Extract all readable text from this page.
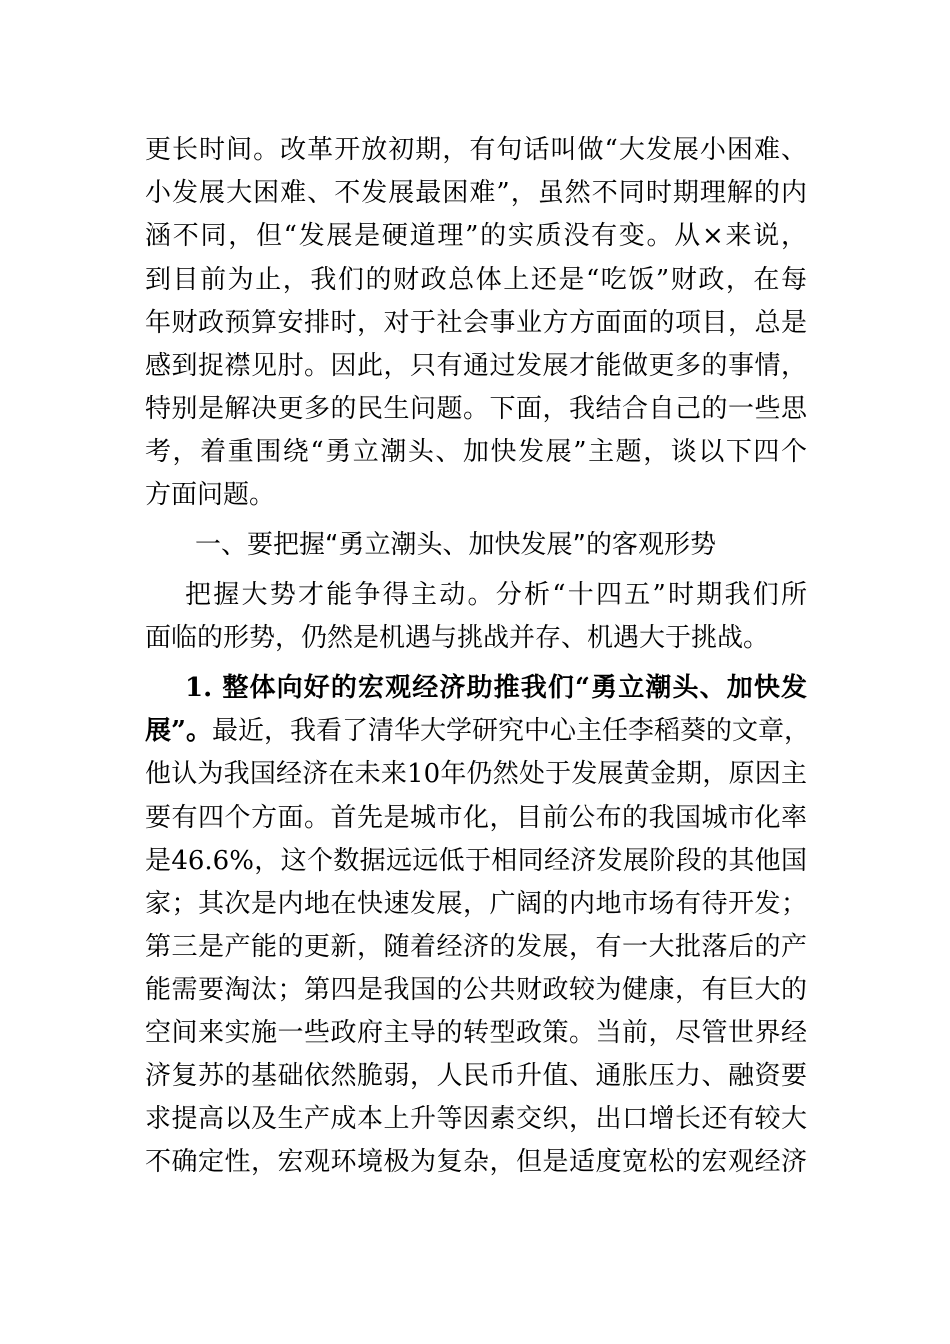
更长时间。改革开放初期，有句话叫做“大发展小困难、
小发展大困难、不发展最困难”，虽然不同时期理解的内
涵不同，但“发展是硬道理”的实质没有变。从×来说，
到目前为止，我们的财政总体上还是“吃饭”财政，在每
年财政预算安排时，对于社会事业方方面面的项目，总是
感到捉襟见肘。因此，只有通过发展才能做更多的事情，
特别是解决更多的民生问题。下面，我结合自己的一些思
考，着重围绕“勇立潮头、加快发展”主题，谈以下四个
方面问题。
一、要把握“勇立潮头、加快发展”的客观形势
把握大势才能争得主动。分析“十四五”时期我们所
面临的形势，仍然是机遇与挑战并存、机遇大于挑战。
1. 整体向好的宏观经济助推我们“勇立潮头、加快发
展”。最近，我看了清华大学研究中心主任李稻葵的文章，
他认为我国经济在未来10年仍然处于发展黄金期，原因主
要有四个方面。首先是城市化，目前公布的我国城市化率
是46.6%，这个数据远远低于相同经济发展阶段的其他国
家；其次是内地在快速发展，广阔的内地市场有待开发；
第三是产能的更新，随着经济的发展，有一大批落后的产
能需要淘汰；第四是我国的公共财政较为健康，有巨大的
空间来实施一些政府主导的转型政策。当前，尽管世界经
济复苏的基础依然脆弱，人民币升值、通胀压力、融资要
求提高以及生产成本上升等因素交织，出口增长还有较大
不确定性，宏观环境极为复杂，但是适度宽松的宏观经济
